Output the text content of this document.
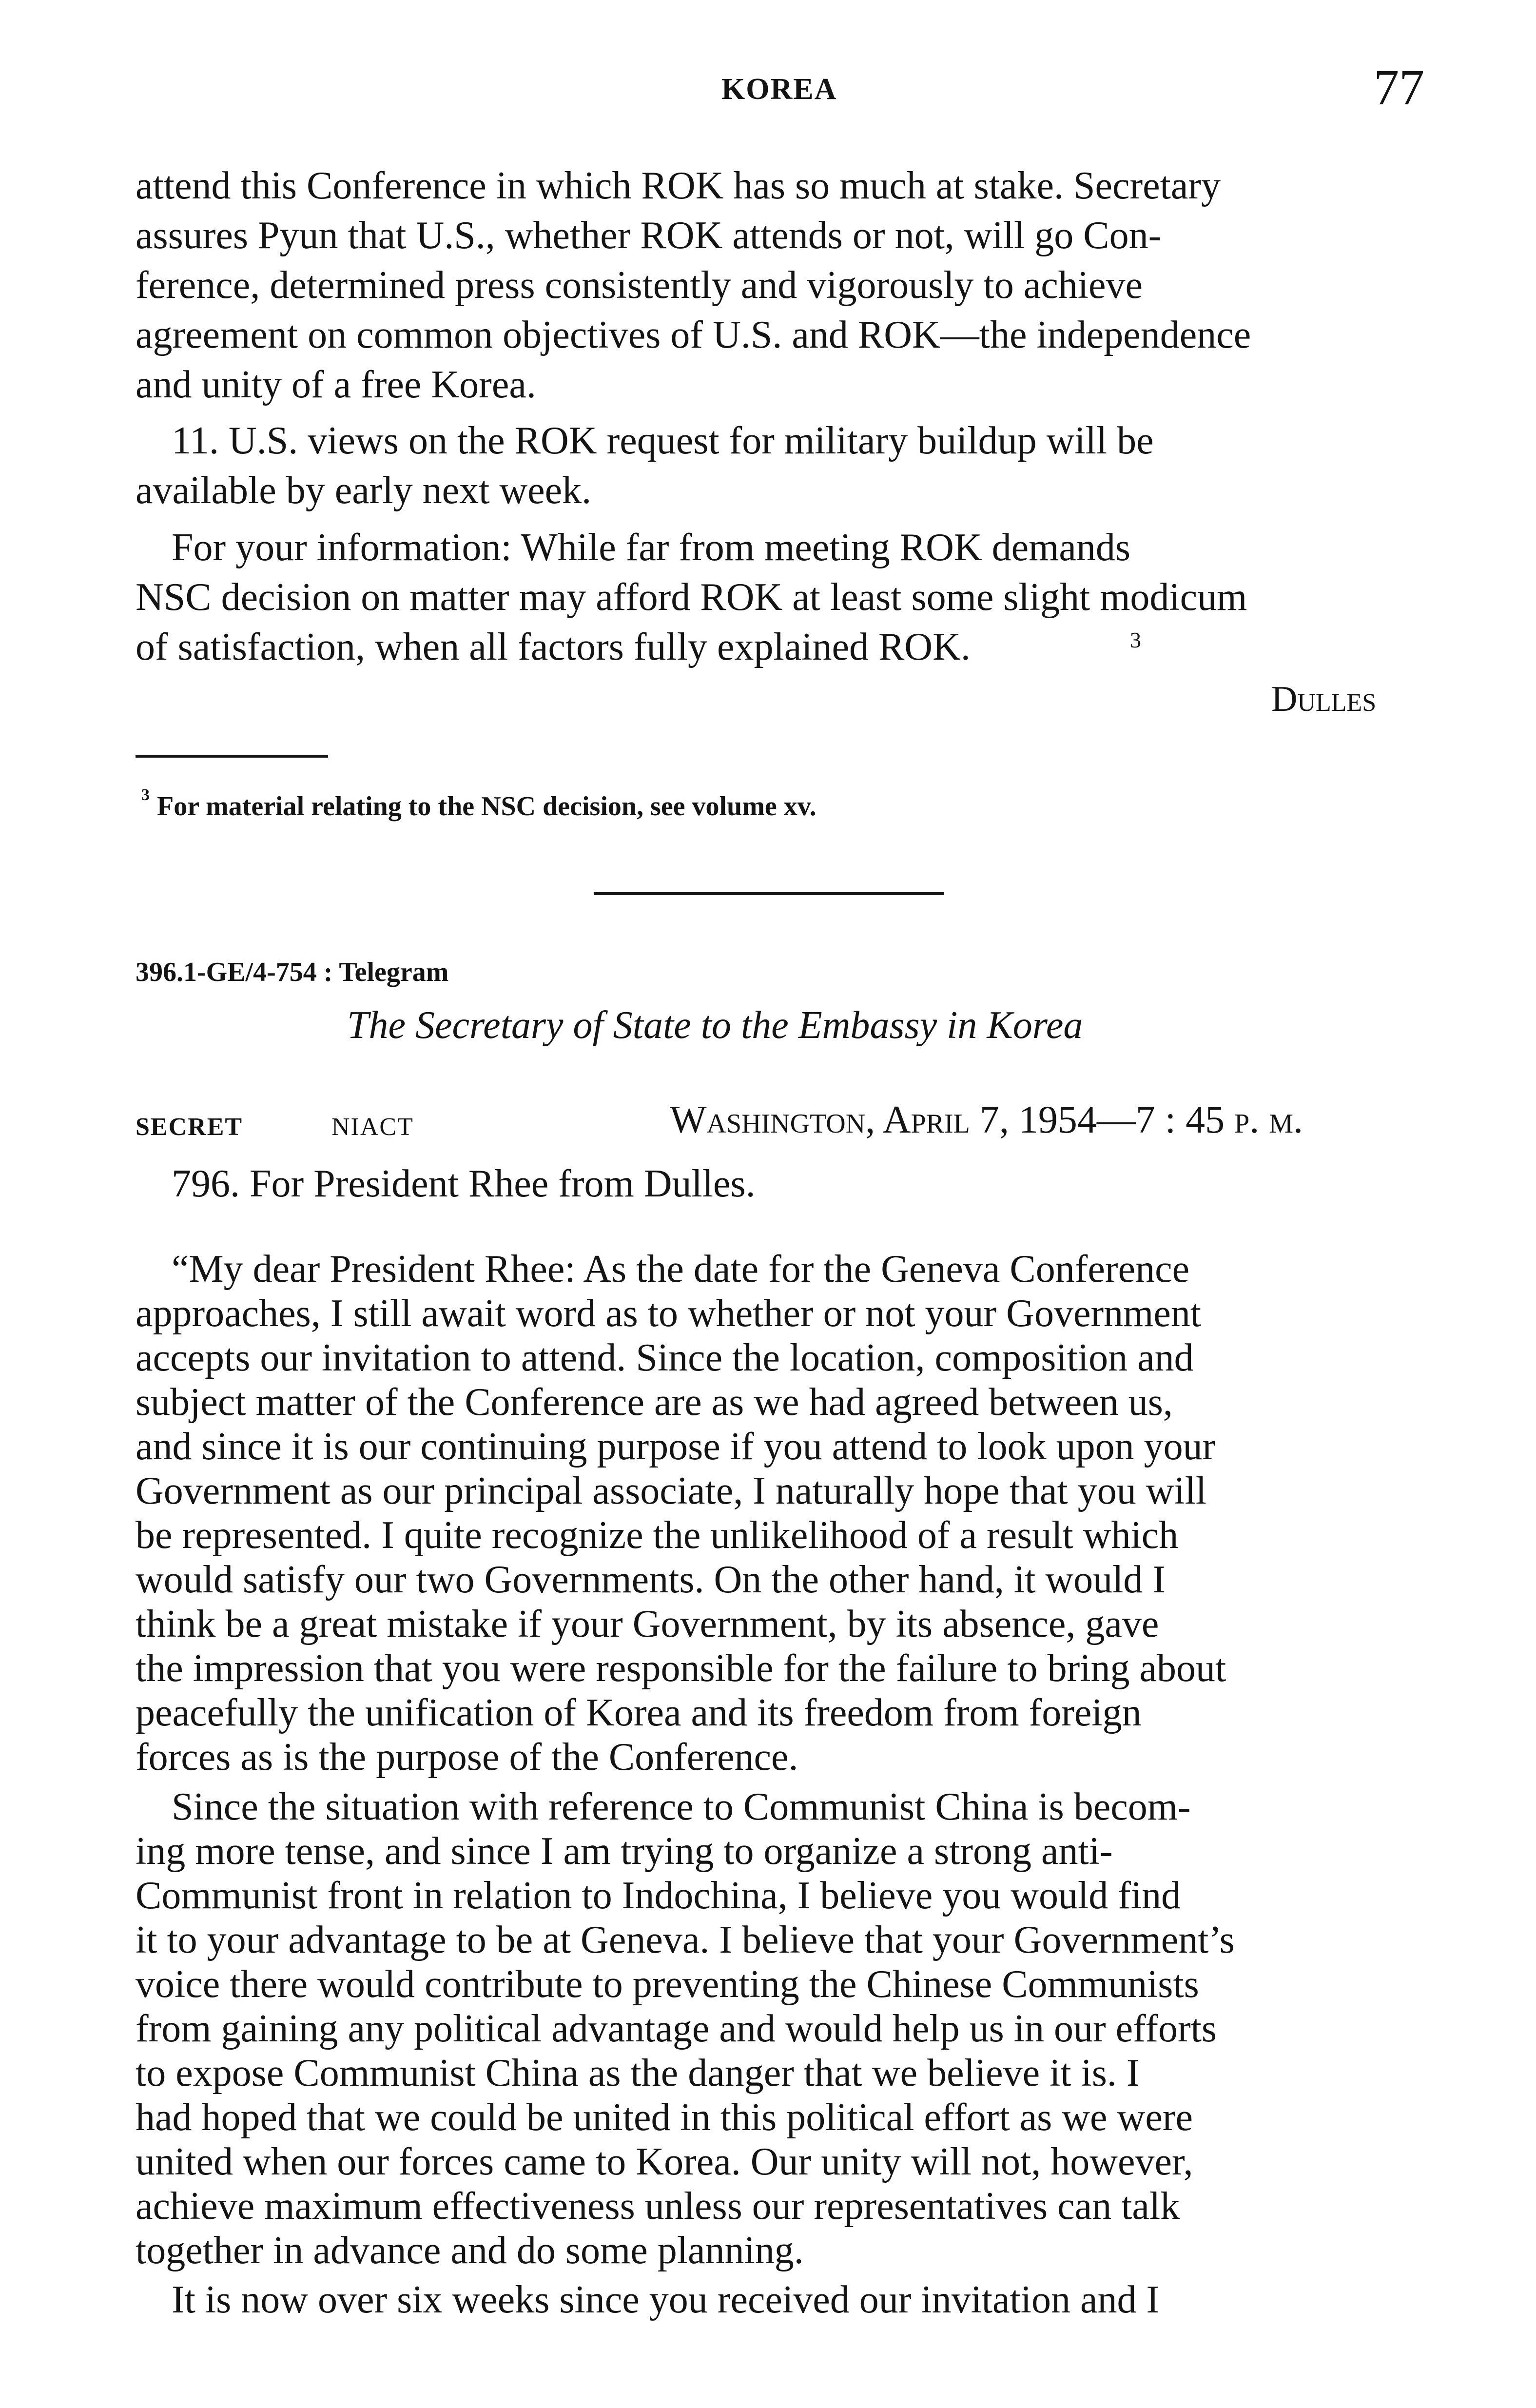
KOREA	77
attend this Conference in which ROK has so much at stake. Secretary
assures Pyun that U.S., whether ROK attends or not, will go Con-
ference, determined press consistently and vigorously to achieve
agreement on common objectives of U.S. and ROK—the independence
and unity of a free Korea.
11. U.S. views on the ROK request for military buildup will be
available by early next week.
For your information: While far from meeting ROK demands
NSC decision on matter may afford ROK at least some slight modicum
of satisfaction, when all factors fully explained ROK.	3
Dulles
3 For material relating to the NSC decision, see volume xv.
396.1-GE/4-754 : Telegram
The Secretary of State to the Embassy in Korea
SECRET	NIACT	Washington, April 7, 1954—7 : 45 p. m.
796. For President Rhee from Dulles.
“My dear President Rhee: As the date for the Geneva Conference
approaches, I still await word as to whether or not your Government
accepts our invitation to attend. Since the location, composition and
subject matter of the Conference are as we had agreed between us,
and since it is our continuing purpose if you attend to look upon your
Government as our principal associate, I naturally hope that you will
be represented. I quite recognize the unlikelihood of a result which
would satisfy our two Governments. On the other hand, it would I
think be a great mistake if your Government, by its absence, gave
the impression that you were responsible for the failure to bring about
peacefully the unification of Korea and its freedom from foreign
forces as is the purpose of the Conference.
Since the situation with reference to Communist China is becom-
ing more tense, and since I am trying to organize a strong anti-
Communist front in relation to Indochina, I believe you would find
it to your advantage to be at Geneva. I believe that your Government’s
voice there would contribute to preventing the Chinese Communists
from gaining any political advantage and would help us in our efforts
to expose Communist China as the danger that we believe it is. I
had hoped that we could be united in this political effort as we were
united when our forces came to Korea. Our unity will not, however,
achieve maximum effectiveness unless our representatives can talk
together in advance and do some planning.
It is now over six weeks since you received our invitation and I
